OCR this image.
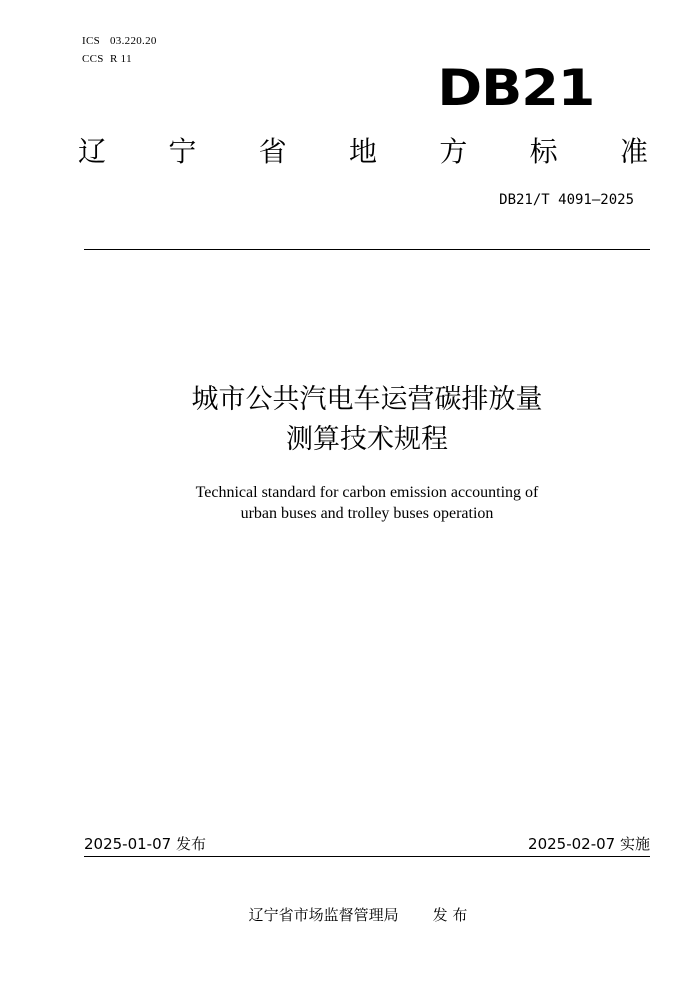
ICS 03.220.20
CCS R 11	DB21
辽 宁 省 地 方 标 准
DB21/T 4091—2025
城市公共汽电车运营碳排放量
测算技术规程
Technical standard for carbon emission accounting of
urban buses and trolley buses operation
2025-01-07 发布	2025-02-07 实施
辽宁省市场监督管理局 发 布
